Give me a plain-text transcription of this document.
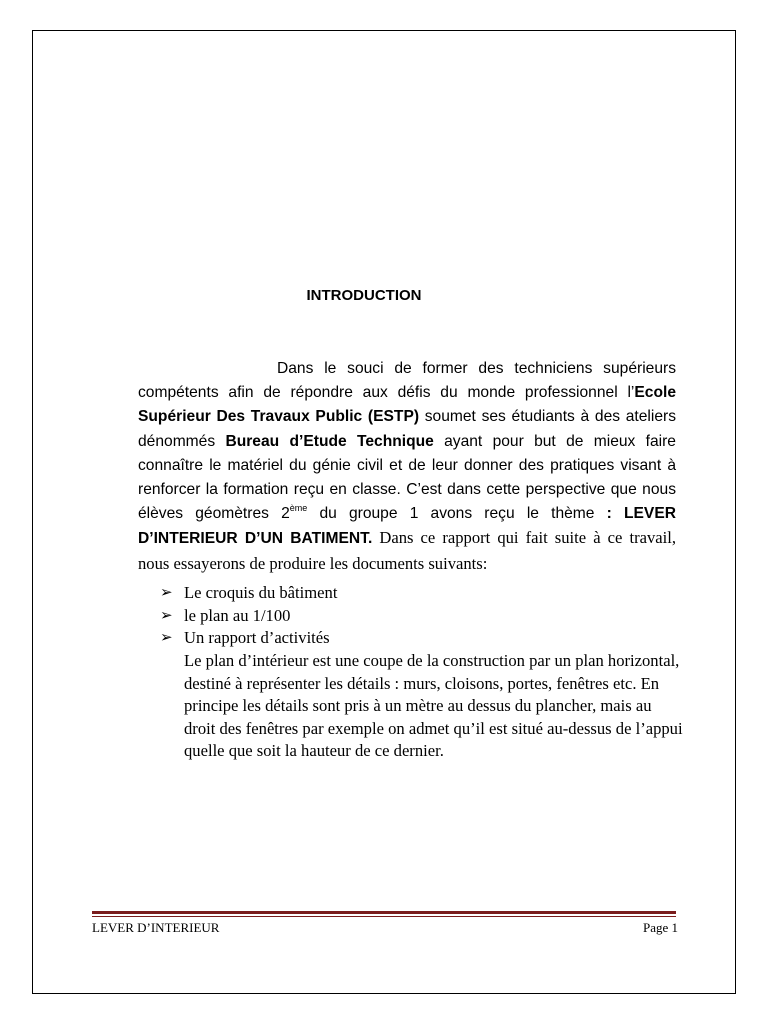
INTRODUCTION
Dans le souci de former des techniciens supérieurs compétents afin de répondre aux défis du monde professionnel l’Ecole Supérieur Des Travaux Public (ESTP) soumet ses étudiants à des ateliers dénommés Bureau d’Etude Technique ayant pour but de mieux faire connaître le matériel du génie civil et de leur donner des pratiques visant à renforcer la formation reçu en classe. C’est dans cette perspective que nous élèves géomètres 2ème du groupe 1 avons reçu le thème : LEVER D’INTERIEUR D’UN BATIMENT. Dans ce rapport qui fait suite à ce travail, nous essayerons de produire les documents suivants:
➢ Le croquis du bâtiment
➢ le plan au 1/100
➢ Un rapport d’activités
Le plan d’intérieur est une coupe de la construction par un plan horizontal, destiné à représenter les détails : murs, cloisons, portes, fenêtres etc. En principe les détails sont pris à un mètre au dessus du plancher, mais au droit des fenêtres par exemple on admet qu’il est situé au-dessus de l’appui quelle que soit la hauteur de ce dernier.
LEVER D’INTERIEUR	Page 1
